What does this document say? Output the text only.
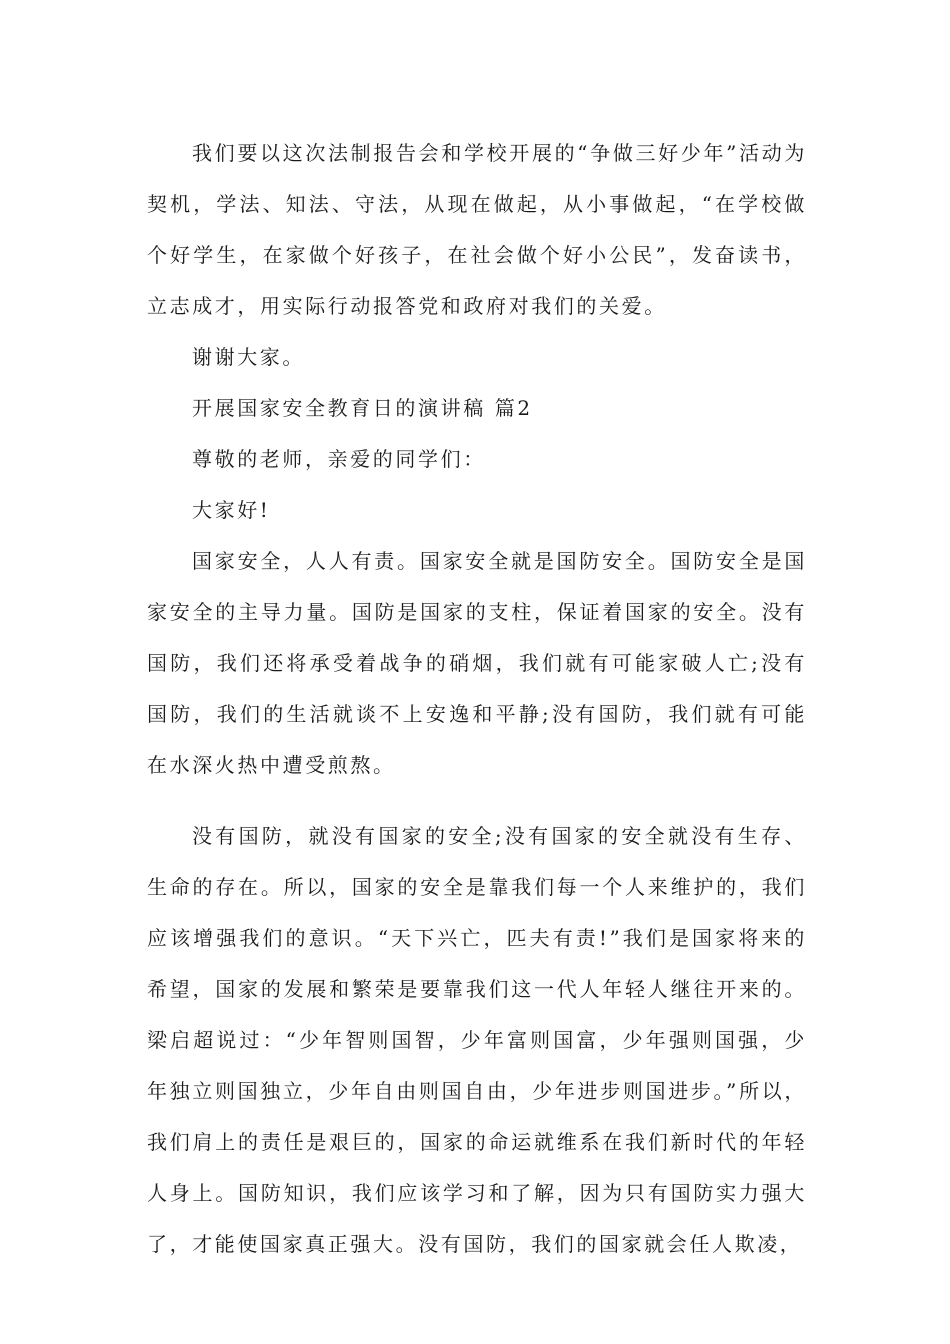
我们要以这次法制报告会和学校开展的“争做三好少年”活动为契机，学法、知法、守法，从现在做起，从小事做起，“在学校做个好学生，在家做个好孩子，在社会做个好小公民”，发奋读书，立志成才，用实际行动报答党和政府对我们的关爱。

谢谢大家。

开展国家安全教育日的演讲稿 篇2

尊敬的老师，亲爱的同学们：

大家好!

国家安全，人人有责。国家安全就是国防安全。国防安全是国家安全的主导力量。国防是国家的支柱，保证着国家的安全。没有国防，我们还将承受着战争的硝烟，我们就有可能家破人亡;没有国防，我们的生活就谈不上安逸和平静;没有国防，我们就有可能在水深火热中遭受煎熬。

没有国防，就没有国家的安全;没有国家的安全就没有生存、生命的存在。所以，国家的安全是靠我们每一个人来维护的，我们应该增强我们的意识。“天下兴亡，匹夫有责!”我们是国家将来的希望，国家的发展和繁荣是要靠我们这一代人年轻人继往开来的。梁启超说过：“少年智则国智，少年富则国富，少年强则国强，少年独立则国独立，少年自由则国自由，少年进步则国进步。”所以，我们肩上的责任是艰巨的，国家的命运就维系在我们新时代的年轻人身上。国防知识，我们应该学习和了解，因为只有国防实力强大了，才能使国家真正强大。没有国防，我们的国家就会任人欺凌，
